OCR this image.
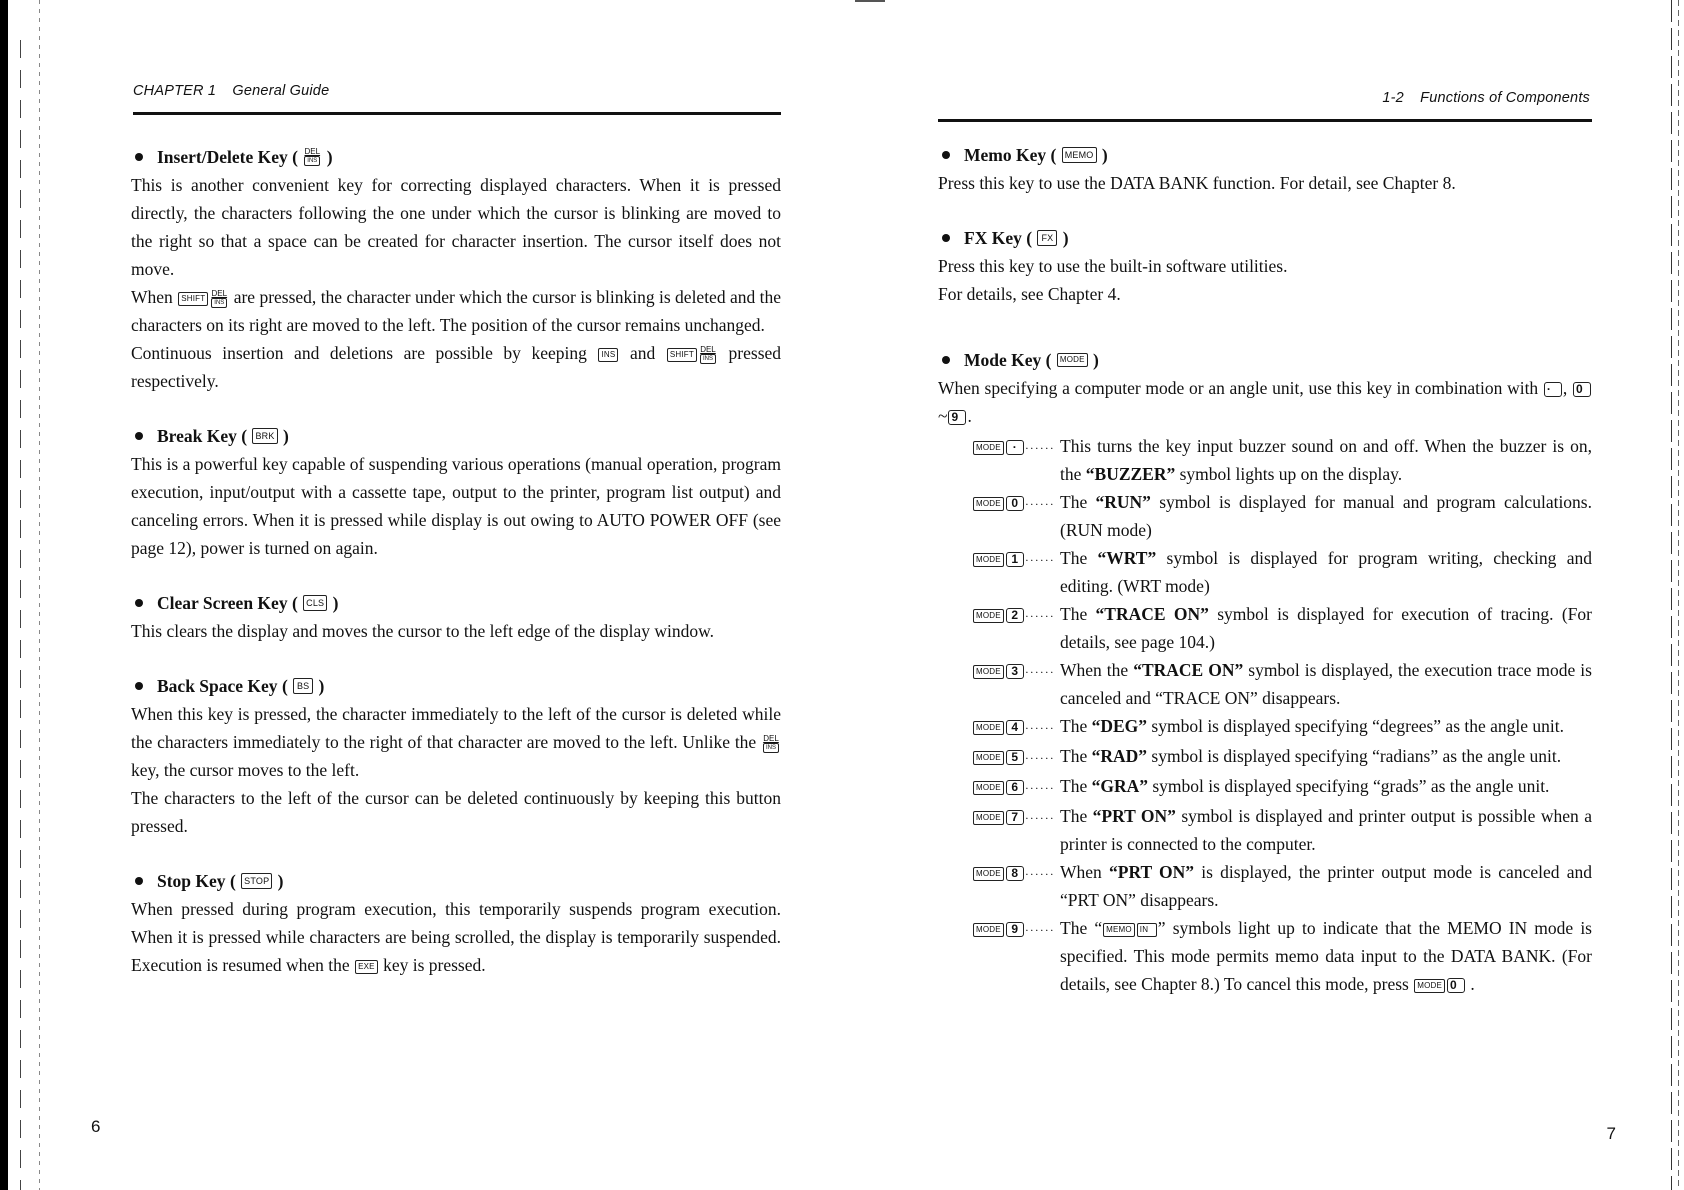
CHAPTER 1 General Guide
Insert/Delete Key ( DEL
INS )
This is another convenient key for correcting displayed characters. When it is pressed directly, the characters following the one under which the cursor is blinking are moved to the right so that a space can be created for character insertion. The cursor itself does not move.
When SHIFT
DEL
INS are pressed, the character under which the cursor is blinking is deleted and the characters on its right are moved to the left. The position of the cursor remains unchanged.
Continuous insertion and deletions are possible by keeping INS and SHIFT
DEL
INS pressed respectively.
Break Key ( BRK )
This is a powerful key capable of suspending various operations (manual operation, program execution, input/output with a cassette tape, output to the printer, program list output) and canceling errors. When it is pressed while display is out owing to AUTO POWER OFF (see page 12), power is turned on again.
Clear Screen Key ( CLS )
This clears the display and moves the cursor to the left edge of the display window.
Back Space Key ( BS )
When this key is pressed, the character immediately to the left of the cursor is deleted while the characters immediately to the right of that character are moved to the left. Unlike the DEL
INS
key, the cursor moves to the left.
The characters to the left of the cursor can be deleted continuously by keeping this button pressed.
Stop Key ( STOP )
When pressed during program execution, this temporarily suspends program execution. When it is pressed while characters are being scrolled, the display is temporarily suspended. Execution is resumed when the EXE key is pressed.
6
1-2 Functions of Components
Memo Key ( MEMO )
Press this key to use the DATA BANK function. For detail, see Chapter 8.
FX Key ( FX )
Press this key to use the built-in software utilities.
For details, see Chapter 4.
Mode Key ( MODE )
When specifying a computer mode or an angle unit, use this key in combination with · , 0~ 9 .
MODE · ······ This turns the key input buzzer sound on and off. When the buzzer is on, the “BUZZER” symbol lights up on the display.
MODE 0 ······ The “RUN” symbol is displayed for manual and program calculations. (RUN mode)
MODE 1 ······ The “WRT” symbol is displayed for program writing, checking and editing. (WRT mode)
MODE 2 ······ The “TRACE ON” symbol is displayed for execution of tracing. (For details, see page 104.)
MODE 3 ······ When the “TRACE ON” symbol is displayed, the execution trace mode is canceled and “TRACE ON” disappears.
MODE 4 ······ The “DEG” symbol is displayed specifying “degrees” as the angle unit.
MODE 5 ······ The “RAD” symbol is displayed specifying “radians” as the angle unit.
MODE 6 ······ The “GRA” symbol is displayed specifying “grads” as the angle unit.
MODE 7 ······ The “PRT ON” symbol is displayed and printer output is possible when a printer is connected to the computer.
MODE 8 ······ When “PRT ON” is displayed, the printer output mode is canceled and “PRT ON” disappears.
MODE 9 ······ The “ MEMO IN ” symbols light up to indicate that the MEMO IN mode is specified. This mode permits memo data input to the DATA BANK. (For details, see Chapter 8.) To cancel this mode, press MODE 0 .
7
